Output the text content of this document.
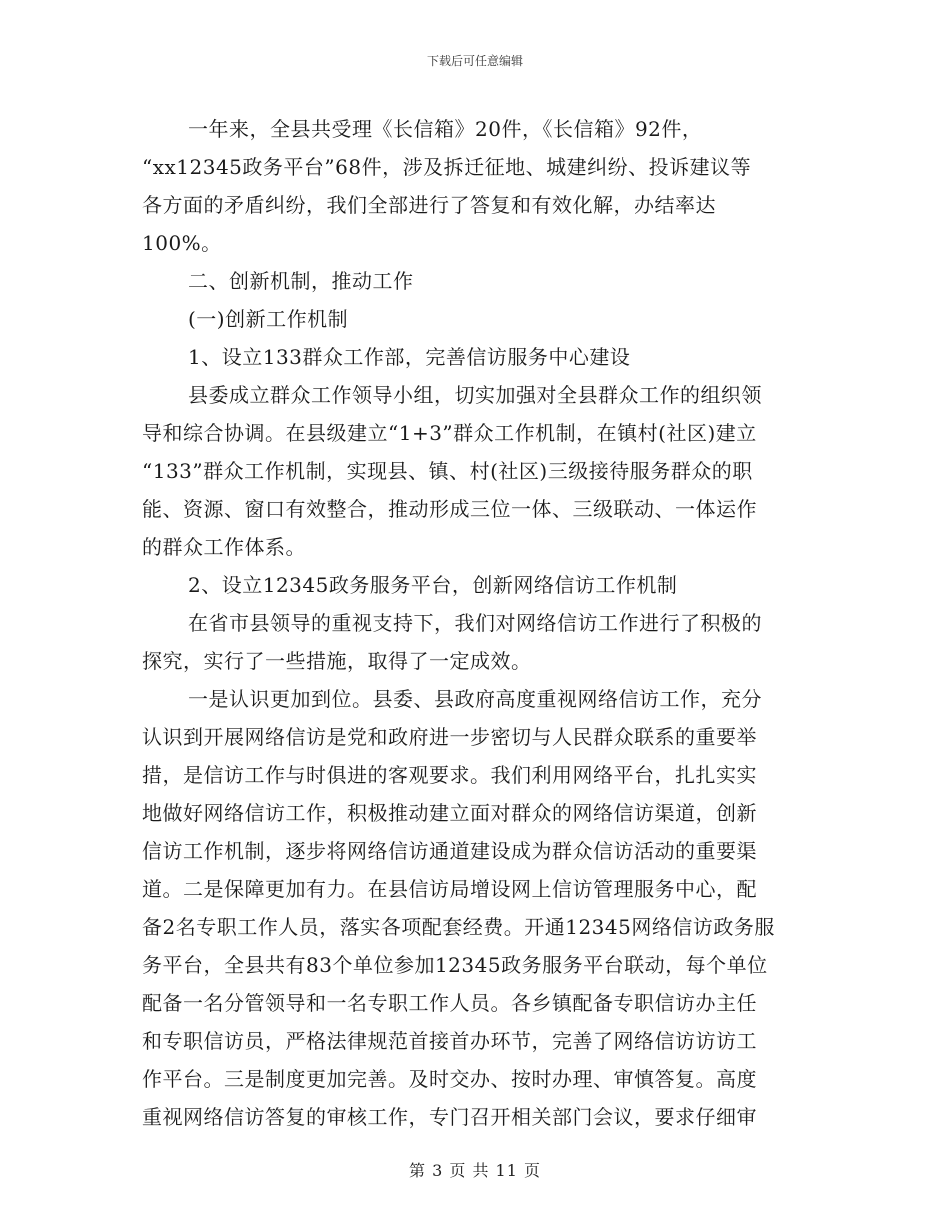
下载后可任意编辑
一年来，全县共受理《长信箱》20件，《长信箱》92件，
“xx12345政务平台”68件，涉及拆迁征地、城建纠纷、投诉建议等
各方面的矛盾纠纷，我们全部进行了答复和有效化解，办结率达
100%。
二、创新机制，推动工作
(一)创新工作机制
1、设立133群众工作部，完善信访服务中心建设
县委成立群众工作领导小组，切实加强对全县群众工作的组织领
导和综合协调。在县级建立“1+3”群众工作机制，在镇村(社区)建立
“133”群众工作机制，实现县、镇、村(社区)三级接待服务群众的职
能、资源、窗口有效整合，推动形成三位一体、三级联动、一体运作
的群众工作体系。
2、设立12345政务服务平台，创新网络信访工作机制
在省市县领导的重视支持下，我们对网络信访工作进行了积极的
探究，实行了一些措施，取得了一定成效。
一是认识更加到位。县委、县政府高度重视网络信访工作，充分
认识到开展网络信访是党和政府进一步密切与人民群众联系的重要举
措，是信访工作与时俱进的客观要求。我们利用网络平台，扎扎实实
地做好网络信访工作，积极推动建立面对群众的网络信访渠道，创新
信访工作机制，逐步将网络信访通道建设成为群众信访活动的重要渠
道。二是保障更加有力。在县信访局增设网上信访管理服务中心，配
备2名专职工作人员，落实各项配套经费。开通12345网络信访政务服
务平台，全县共有83个单位参加12345政务服务平台联动，每个单位
配备一名分管领导和一名专职工作人员。各乡镇配备专职信访办主任
和专职信访员，严格法律规范首接首办环节，完善了网络信访访访工
作平台。三是制度更加完善。及时交办、按时办理、审慎答复。高度
重视网络信访答复的审核工作，专门召开相关部门会议，要求仔细审
第 3 页 共 11 页
